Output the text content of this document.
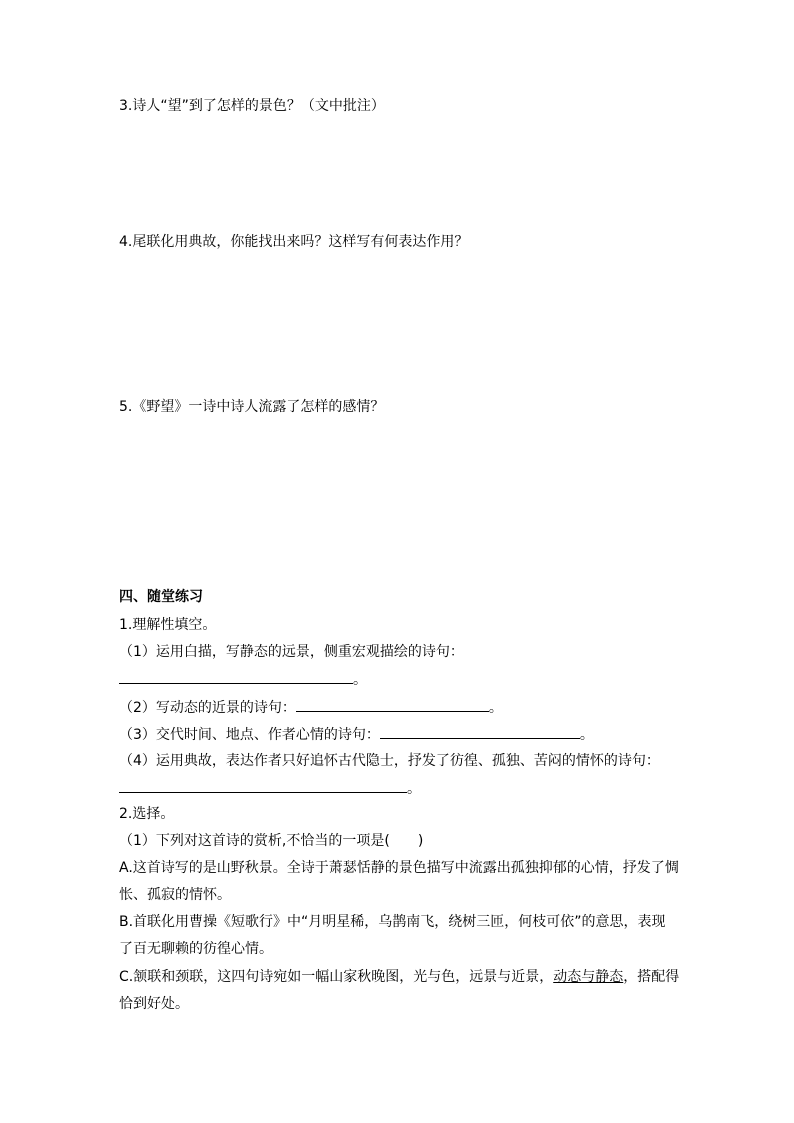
3.诗人“望”到了怎样的景色？（文中批注）
4.尾联化用典故，你能找出来吗？这样写有何表达作用？
5.《野望》一诗中诗人流露了怎样的感情？
四、随堂练习
1.理解性填空。
（1）运用白描，写静态的远景，侧重宏观描绘的诗句：
。
（2）写动态的近景的诗句：	。
（3）交代时间、地点、作者心情的诗句：	。
（4）运用典故，表达作者只好追怀古代隐士，抒发了彷徨、孤独、苦闷的情怀的诗句：
。
2.选择。
（1）下列对这首诗的赏析,不恰当的一项是(　　)
A.这首诗写的是山野秋景。全诗于萧瑟恬静的景色描写中流露出孤独抑郁的心情，抒发了惆
怅、孤寂的情怀。
B.首联化用曹操《短歌行》中“月明星稀，乌鹊南飞，绕树三匝，何枝可依”的意思，表现
了百无聊赖的彷徨心情。
C.颔联和颈联，这四句诗宛如一幅山家秋晚图，光与色，远景与近景，动态与静态，搭配得
恰到好处。
